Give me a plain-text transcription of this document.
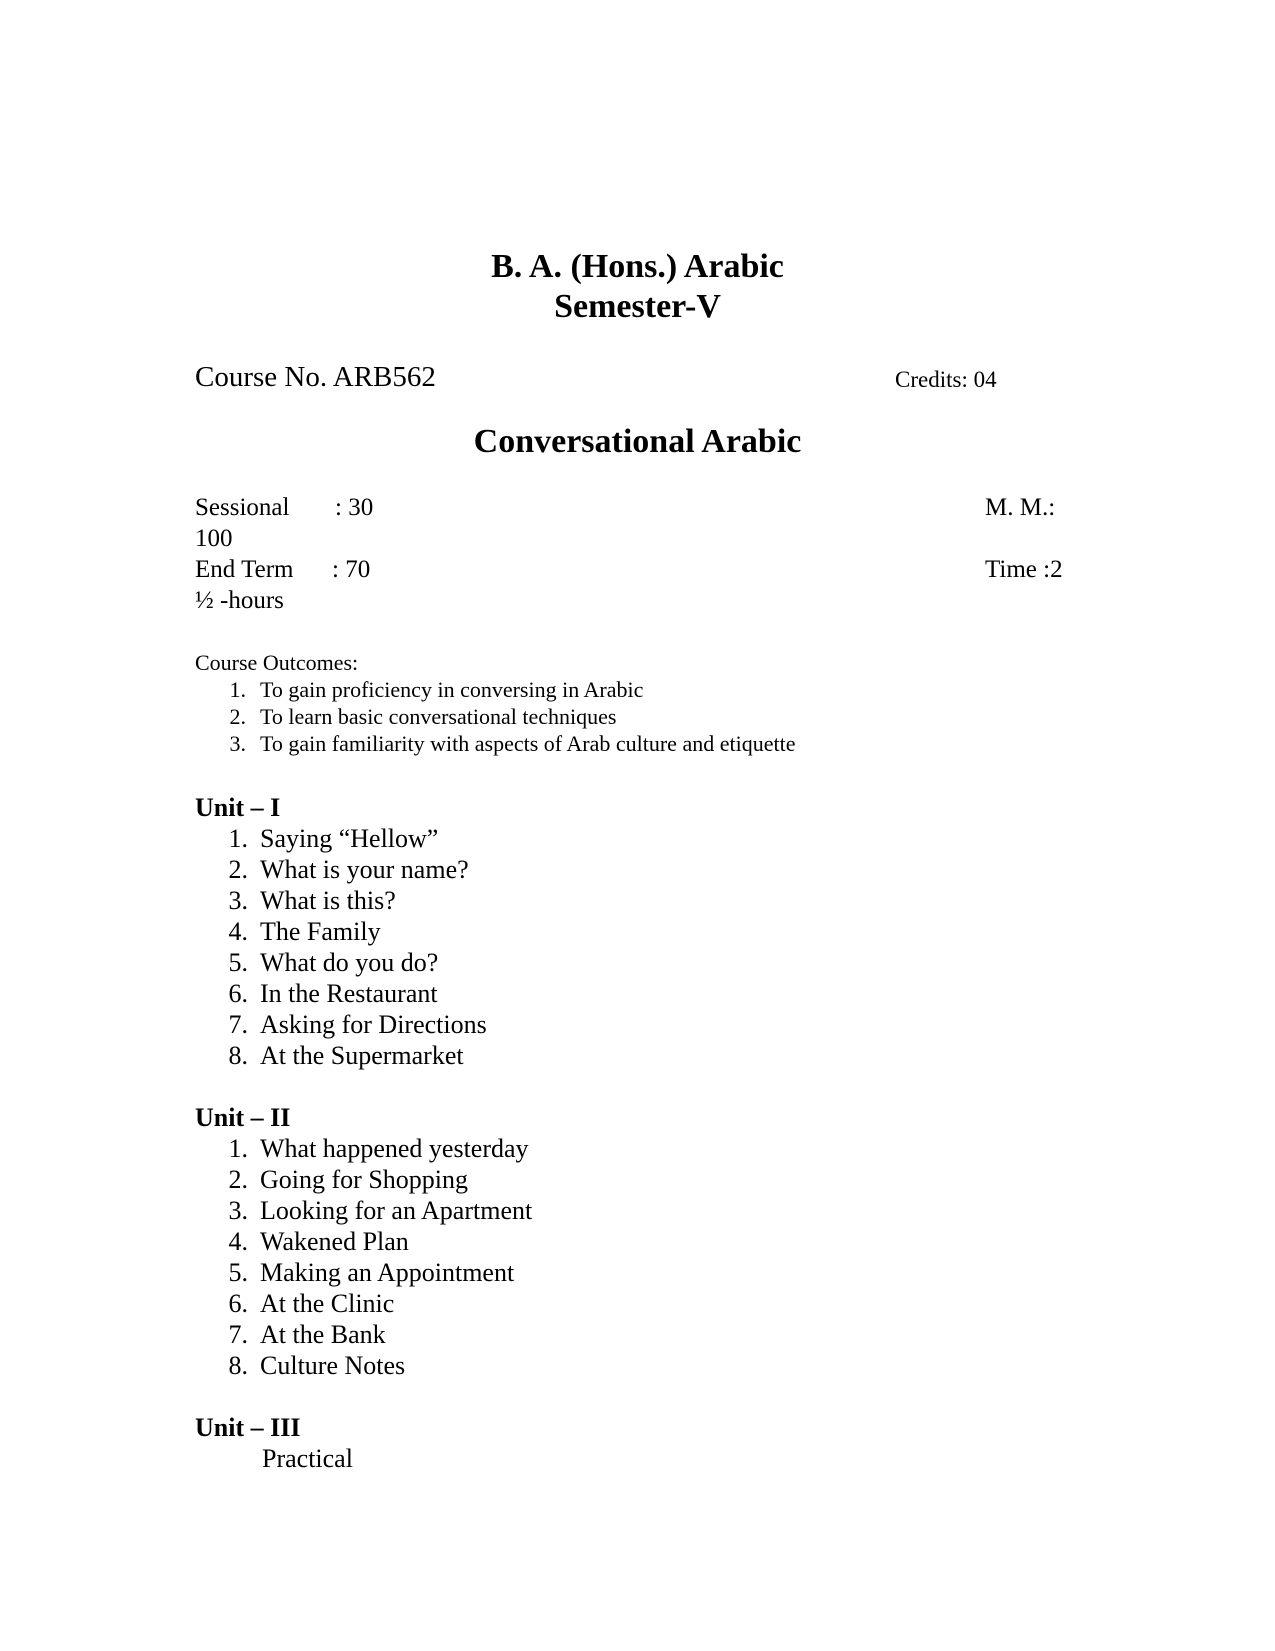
B. A. (Hons.) Arabic
Semester-V
Course No. ARB562	Credits: 04
Conversational Arabic
Sessional : 30	M. M.:
100
End Term : 70	Time :2
½ -hours
Course Outcomes:
1. To gain proficiency in conversing in Arabic
2. To learn basic conversational techniques
3. To gain familiarity with aspects of Arab culture and etiquette
Unit – I
1. Saying “Hellow”
2. What is your name?
3. What is this?
4. The Family
5. What do you do?
6. In the Restaurant
7. Asking for Directions
8. At the Supermarket
Unit – II
1. What happened yesterday
2. Going for Shopping
3. Looking for an Apartment
4. Wakened Plan
5. Making an Appointment
6. At the Clinic
7. At the Bank
8. Culture Notes
Unit – III
Practical
